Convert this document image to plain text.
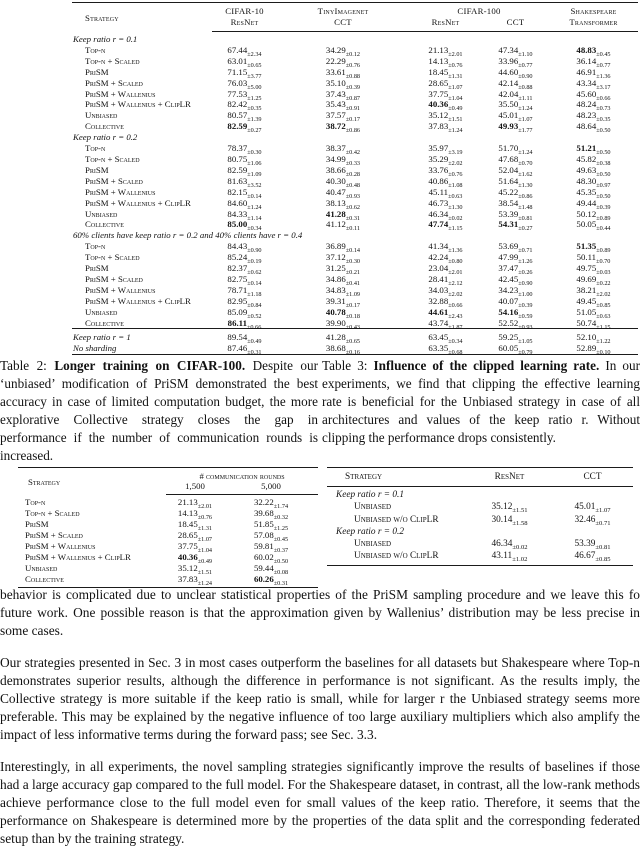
Strategy	CIFAR-10	TinyImagenet	CIFAR-100		Shakespeare
	ResNet	CCT	ResNet	CCT	Transformer
Keep ratio r = 0.1					
Top-n	$67.44_{\pm 2.34}$	$34.29_{\pm 0.12}$	$21.13_{\pm 2.01}$	$47.34_{\pm 1.10}$	$48.83_{\pm 0.45}$
Top-n + Scaled	$63.01_{\pm 0.65}$	$22.29_{\pm 0.76}$	$14.13_{\pm 0.76}$	$33.96_{\pm 0.77}$	$36.14_{\pm 0.77}$
PriSM	$71.15_{\pm 3.77}$	$33.61_{\pm 0.88}$	$18.45_{\pm 1.31}$	$44.60_{\pm 0.90}$	$46.91_{\pm 1.36}$
PriSM + Scaled	$76.03_{\pm 5.00}$	$35.10_{\pm 0.39}$	$28.65_{\pm 1.07}$	$42.14_{\pm 0.88}$	$43.34_{\pm 3.17}$
PriSM + Wallenius	$77.53_{\pm 1.25}$	$37.43_{\pm 0.87}$	$37.75_{\pm 1.04}$	$42.04_{\pm 1.11}$	$45.60_{\pm 0.66}$
PriSM + Wallenius + ClipLR	$82.42_{\pm 0.35}$	$35.43_{\pm 0.91}$	$40.36_{\pm 0.49}$	$35.50_{\pm 1.24}$	$48.24_{\pm 0.73}$
Unbiased	$80.57_{\pm 1.39}$	$37.57_{\pm 0.17}$	$35.12_{\pm 1.51}$	$45.01_{\pm 1.07}$	$48.23_{\pm 0.35}$
Collective	$82.59_{\pm 0.27}$	$38.72_{\pm 0.86}$	$37.83_{\pm 1.24}$	$49.93_{\pm 1.77}$	$48.64_{\pm 0.50}$
Keep ratio r = 0.2					
Top-n	$78.37_{\pm 0.30}$	$38.37_{\pm 0.42}$	$35.97_{\pm 3.19}$	$51.70_{\pm 1.24}$	$51.21_{\pm 0.50}$
Top-n + Scaled	$80.75_{\pm 1.06}$	$34.99_{\pm 0.33}$	$35.29_{\pm 2.02}$	$47.68_{\pm 0.70}$	$45.82_{\pm 0.38}$
PriSM	$82.59_{\pm 1.09}$	$38.66_{\pm 0.28}$	$33.76_{\pm 0.76}$	$52.04_{\pm 1.62}$	$49.63_{\pm 0.50}$
PriSM + Scaled	$81.63_{\pm 3.52}$	$40.30_{\pm 0.48}$	$40.86_{\pm 1.08}$	$51.64_{\pm 1.30}$	$48.30_{\pm 0.97}$
PriSM + Wallenius	$82.15_{\pm 0.14}$	$40.47_{\pm 0.93}$	$45.11_{\pm 0.63}$	$45.22_{\pm 0.86}$	$45.35_{\pm 0.50}$
PriSM + Wallenius + ClipLR	$84.60_{\pm 1.24}$	$38.13_{\pm 0.62}$	$46.73_{\pm 1.30}$	$38.54_{\pm 1.48}$	$49.44_{\pm 0.39}$
Unbiased	$84.33_{\pm 1.14}$	$41.28_{\pm 0.31}$	$46.34_{\pm 0.02}$	$53.39_{\pm 0.81}$	$50.12_{\pm 0.89}$
Collective	$85.00_{\pm 0.34}$	$41.12_{\pm 0.11}$	$47.74_{\pm 1.15}$	$54.31_{\pm 0.27}$	$50.05_{\pm 0.44}$
60% clients have keep ratio r = 0.2 and 40% clients have r = 0.4					
Top-n	$84.43_{\pm 0.90}$	$36.89_{\pm 0.14}$	$41.34_{\pm 1.36}$	$53.69_{\pm 0.71}$	$51.35_{\pm 0.89}$
Top-n + Scaled	$85.24_{\pm 0.19}$	$37.12_{\pm 0.30}$	$42.24_{\pm 0.80}$	$47.99_{\pm 1.26}$	$50.11_{\pm 0.70}$
PriSM	$82.37_{\pm 0.62}$	$31.25_{\pm 0.21}$	$23.04_{\pm 2.01}$	$37.47_{\pm 0.26}$	$49.75_{\pm 0.03}$
PriSM + Scaled	$82.75_{\pm 0.14}$	$34.86_{\pm 0.41}$	$28.41_{\pm 2.12}$	$42.45_{\pm 0.90}$	$49.69_{\pm 0.22}$
PriSM + Wallenius	$78.71_{\pm 1.18}$	$34.83_{\pm 1.09}$	$34.03_{\pm 2.02}$	$34.23_{\pm 1.00}$	$38.21_{\pm 2.02}$
PriSM + Wallenius + ClipLR	$82.95_{\pm 0.84}$	$39.31_{\pm 0.17}$	$32.88_{\pm 0.66}$	$40.07_{\pm 0.39}$	$49.45_{\pm 0.85}$
Unbiased	$85.09_{\pm 0.52}$	$40.78_{\pm 0.18}$	$44.61_{\pm 2.43}$	$54.16_{\pm 0.59}$	$51.05_{\pm 0.63}$
Collective	$86.11_{\pm 0.66}$	$39.90_{\pm 0.43}$	$43.74_{\pm 1.87}$	$52.52_{\pm 0.93}$	$50.74_{\pm 1.15}$
Keep ratio r = 1	$89.54_{\pm 0.49}$	$41.28_{\pm 0.65}$	$63.45_{\pm 0.34}$	$59.25_{\pm 1.05}$	$52.10_{\pm 1.22}$
No sharding	$87.46_{\pm 0.31}$	$38.68_{\pm 0.16}$	$63.35_{\pm 0.68}$	$60.05_{\pm 0.79}$	$52.89_{\pm 0.10}$

Table 2: Longer training on CIFAR-100. Despite our ‘unbiased’ modification of PriSM demonstrated the best accuracy in case of limited computation budget, the more explorative Collective strategy closes the gap in performance if the number of communication rounds is increased.

Strategy	# communication rounds	
	1,500	5,000
Top-n	$21.13_{\pm 2.01}$	$32.22_{\pm 1.74}$
Top-n + Scaled	$14.13_{\pm 0.76}$	$39.68_{\pm 0.32}$
PriSM	$18.45_{\pm 1.31}$	$51.85_{\pm 1.25}$
PriSM + Scaled	$28.65_{\pm 1.07}$	$57.08_{\pm 0.45}$
PriSM + Wallenius	$37.75_{\pm 1.04}$	$59.81_{\pm 0.37}$
PriSM + Wallenius + ClipLR	$40.36_{\pm 0.49}$	$60.02_{\pm 0.50}$
Unbiased	$35.12_{\pm 1.51}$	$59.44_{\pm 0.08}$
Collective	$37.83_{\pm 1.24}$	$60.26_{\pm 0.31}$

Table 3: Influence of the clipped learning rate. In our experiments, we find that clipping the effective learning rate is beneficial for the Unbiased strategy in case of all architectures and values of the keep ratio r. Without clipping the performance drops consistently.

Strategy	ResNet	CCT
Keep ratio r = 0.1		
Unbiased	$35.12_{\pm 1.51}$	$45.01_{\pm 1.07}$
Unbiased w/o ClipLR	$30.14_{\pm 1.58}$	$32.46_{\pm 0.71}$
Keep ratio r = 0.2		
Unbiased	$46.34_{\pm 0.02}$	$53.39_{\pm 0.81}$
Unbiased w/o ClipLR	$43.11_{\pm 1.02}$	$46.67_{\pm 0.85}$

behavior is complicated due to unclear statistical properties of the PriSM sampling procedure and we leave this fo future work. One possible reason is that the approximation given by Wallenius’ distribution may be less precise in some cases.

Our strategies presented in Sec. 3 in most cases outperform the baselines for all datasets but Shakespeare where Top-n demonstrates superior results, although the difference in performance is not significant. As the results imply, the Collective strategy is more suitable if the keep ratio is small, while for larger r the Unbiased strategy seems more preferable. This may be explained by the negative influence of too large auxiliary multipliers which also amplify the impact of less informative terms during the forward pass; see Sec. 3.3.

Interestingly, in all experiments, the novel sampling strategies significantly improve the results of baselines if those had a large accuracy gap compared to the full model. For the Shakespeare dataset, in contrast, all the low-rank methods achieve performance close to the full model even for small values of the keep ratio. Therefore, it seems that the performance on Shakespeare is determined more by the properties of the data split and the corresponding federated setup than by the training strategy.
